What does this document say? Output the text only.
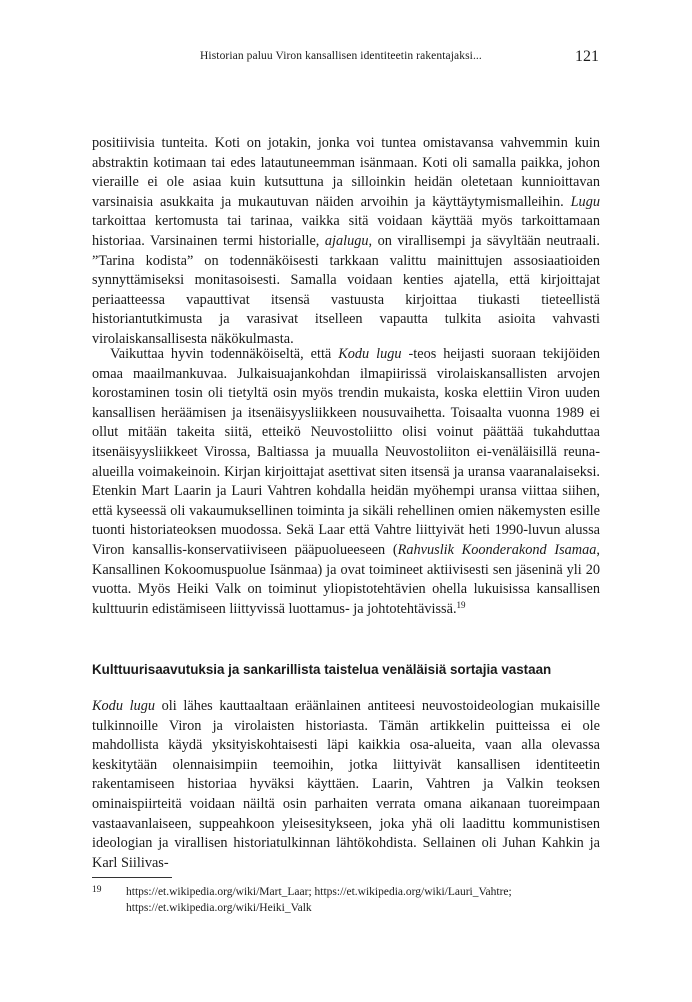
Historian paluu Viron kansallisen identiteetin rakentajaksi...	121

positiivisia tunteita. Koti on jotakin, jonka voi tuntea omistavansa vahvemmin kuin abstraktin kotimaan tai edes latautuneemman isänmaan. Koti oli samalla paikka, johon vieraille ei ole asiaa kuin kutsuttuna ja silloinkin heidän oletetaan kunnioittavan varsinaisia asukkaita ja mukautuvan näiden arvoihin ja käyttäytymismalleihin. Lugu tarkoittaa kertomusta tai tarinaa, vaikka sitä voidaan käyttää myös tarkoittamaan historiaa. Varsinainen termi historialle, ajalugu, on virallisempi ja sävyltään neutraali. ”Tarina kodista” on todennäköisesti tarkkaan valittu mainittujen assosiaatioiden synnyttämiseksi monitasoisesti. Samalla voidaan kenties ajatella, että kirjoittajat periaatteessa vapauttivat itsensä vastuusta kirjoittaa tiukasti tieteellistä historiantutkimusta ja varasivat itselleen vapautta tulkita asioita vahvasti virolaiskansallisesta näkökulmasta.

Vaikuttaa hyvin todennäköiseltä, että Kodu lugu -teos heijasti suoraan tekijöiden omaa maailmankuvaa. Julkaisuajankohdan ilmapiirissä virolaiskansallisten arvojen korostaminen tosin oli tietyltä osin myös trendin mukaista, koska elettiin Viron uuden kansallisen heräämisen ja itsenäisyysliikkeen nousuvaihetta. Toisaalta vuonna 1989 ei ollut mitään takeita siitä, etteikö Neuvostoliitto olisi voinut päättää tukahduttaa itsenäisyysliikkeet Virossa, Baltiassa ja muualla Neuvostoliiton ei-venäläisillä reuna-alueilla voimakeinoin. Kirjan kirjoittajat asettivat siten itsensä ja uransa vaaranalaiseksi. Etenkin Mart Laarin ja Lauri Vahtren kohdalla heidän myöhempi uransa viittaa siihen, että kyseessä oli vakaumuksellinen toiminta ja sikäli rehellinen omien näkemysten esille tuonti historiateoksen muodossa. Sekä Laar että Vahtre liittyivät heti 1990-luvun alussa Viron kansallis-konservatiiviseen pääpuolueeseen (Rahvuslik Koonderakond Isamaa, Kansallinen Kokoomuspuolue Isänmaa) ja ovat toimineet aktiivisesti sen jäseninä yli 20 vuotta. Myös Heiki Valk on toiminut yliopistotehtävien ohella lukuisissa kansallisen kulttuurin edistämiseen liittyvissä luottamus- ja johtotehtävissä.$^{19}$

Kulttuurisaavutuksia ja sankarillista taistelua venäläisiä sortajia vastaan

Kodu lugu oli lähes kauttaaltaan eräänlainen antiteesi neuvostoideologian mukaisille tulkinnoille Viron ja virolaisten historiasta. Tämän artikkelin puitteissa ei ole mahdollista käydä yksityiskohtaisesti läpi kaikkia osa-alueita, vaan alla olevassa keskitytään olennaisimpiin teemoihin, jotka liittyivät kansallisen identiteetin rakentamiseen historiaa hyväksi käyttäen. Laarin, Vahtren ja Valkin teoksen ominaispiirteitä voidaan näiltä osin parhaiten verrata omana aikanaan tuoreimpaan vastaavanlaiseen, suppeahkoon yleisesitykseen, joka yhä oli laadittu kommunistisen ideologian ja virallisen historiatulkinnan lähtökohdista. Sellainen oli Juhan Kahkin ja Karl Siilivas-

19 https://et.wikipedia.org/wiki/Mart_Laar; https://et.wikipedia.org/wiki/Lauri_Vahtre; https://et.wikipedia.org/wiki/Heiki_Valk
